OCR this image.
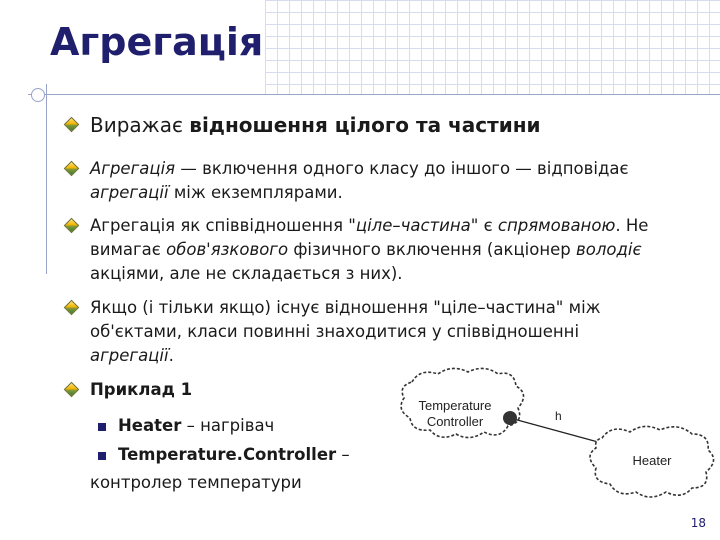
Агрегація
Виражає відношення цілого та частини
Агрегація — включення одного класу до іншого — відповідає
агрегації між екземплярами.
Агрегація як співвідношення "ціле–частина" є спрямованою. Не
вимагає обов'язкового фізичного включення (акціонер володіє
акціями, але не складається з них).
Якщо (і тільки якщо) існує відношення "ціле–частина" між
об'єктами, класи повинні знаходитися у співвідношенні
агрегації.
Приклад 1
Heater – нагрівач
Temperature.Controller –
контролер температури
Temperature
Controller	h
Heater
18
